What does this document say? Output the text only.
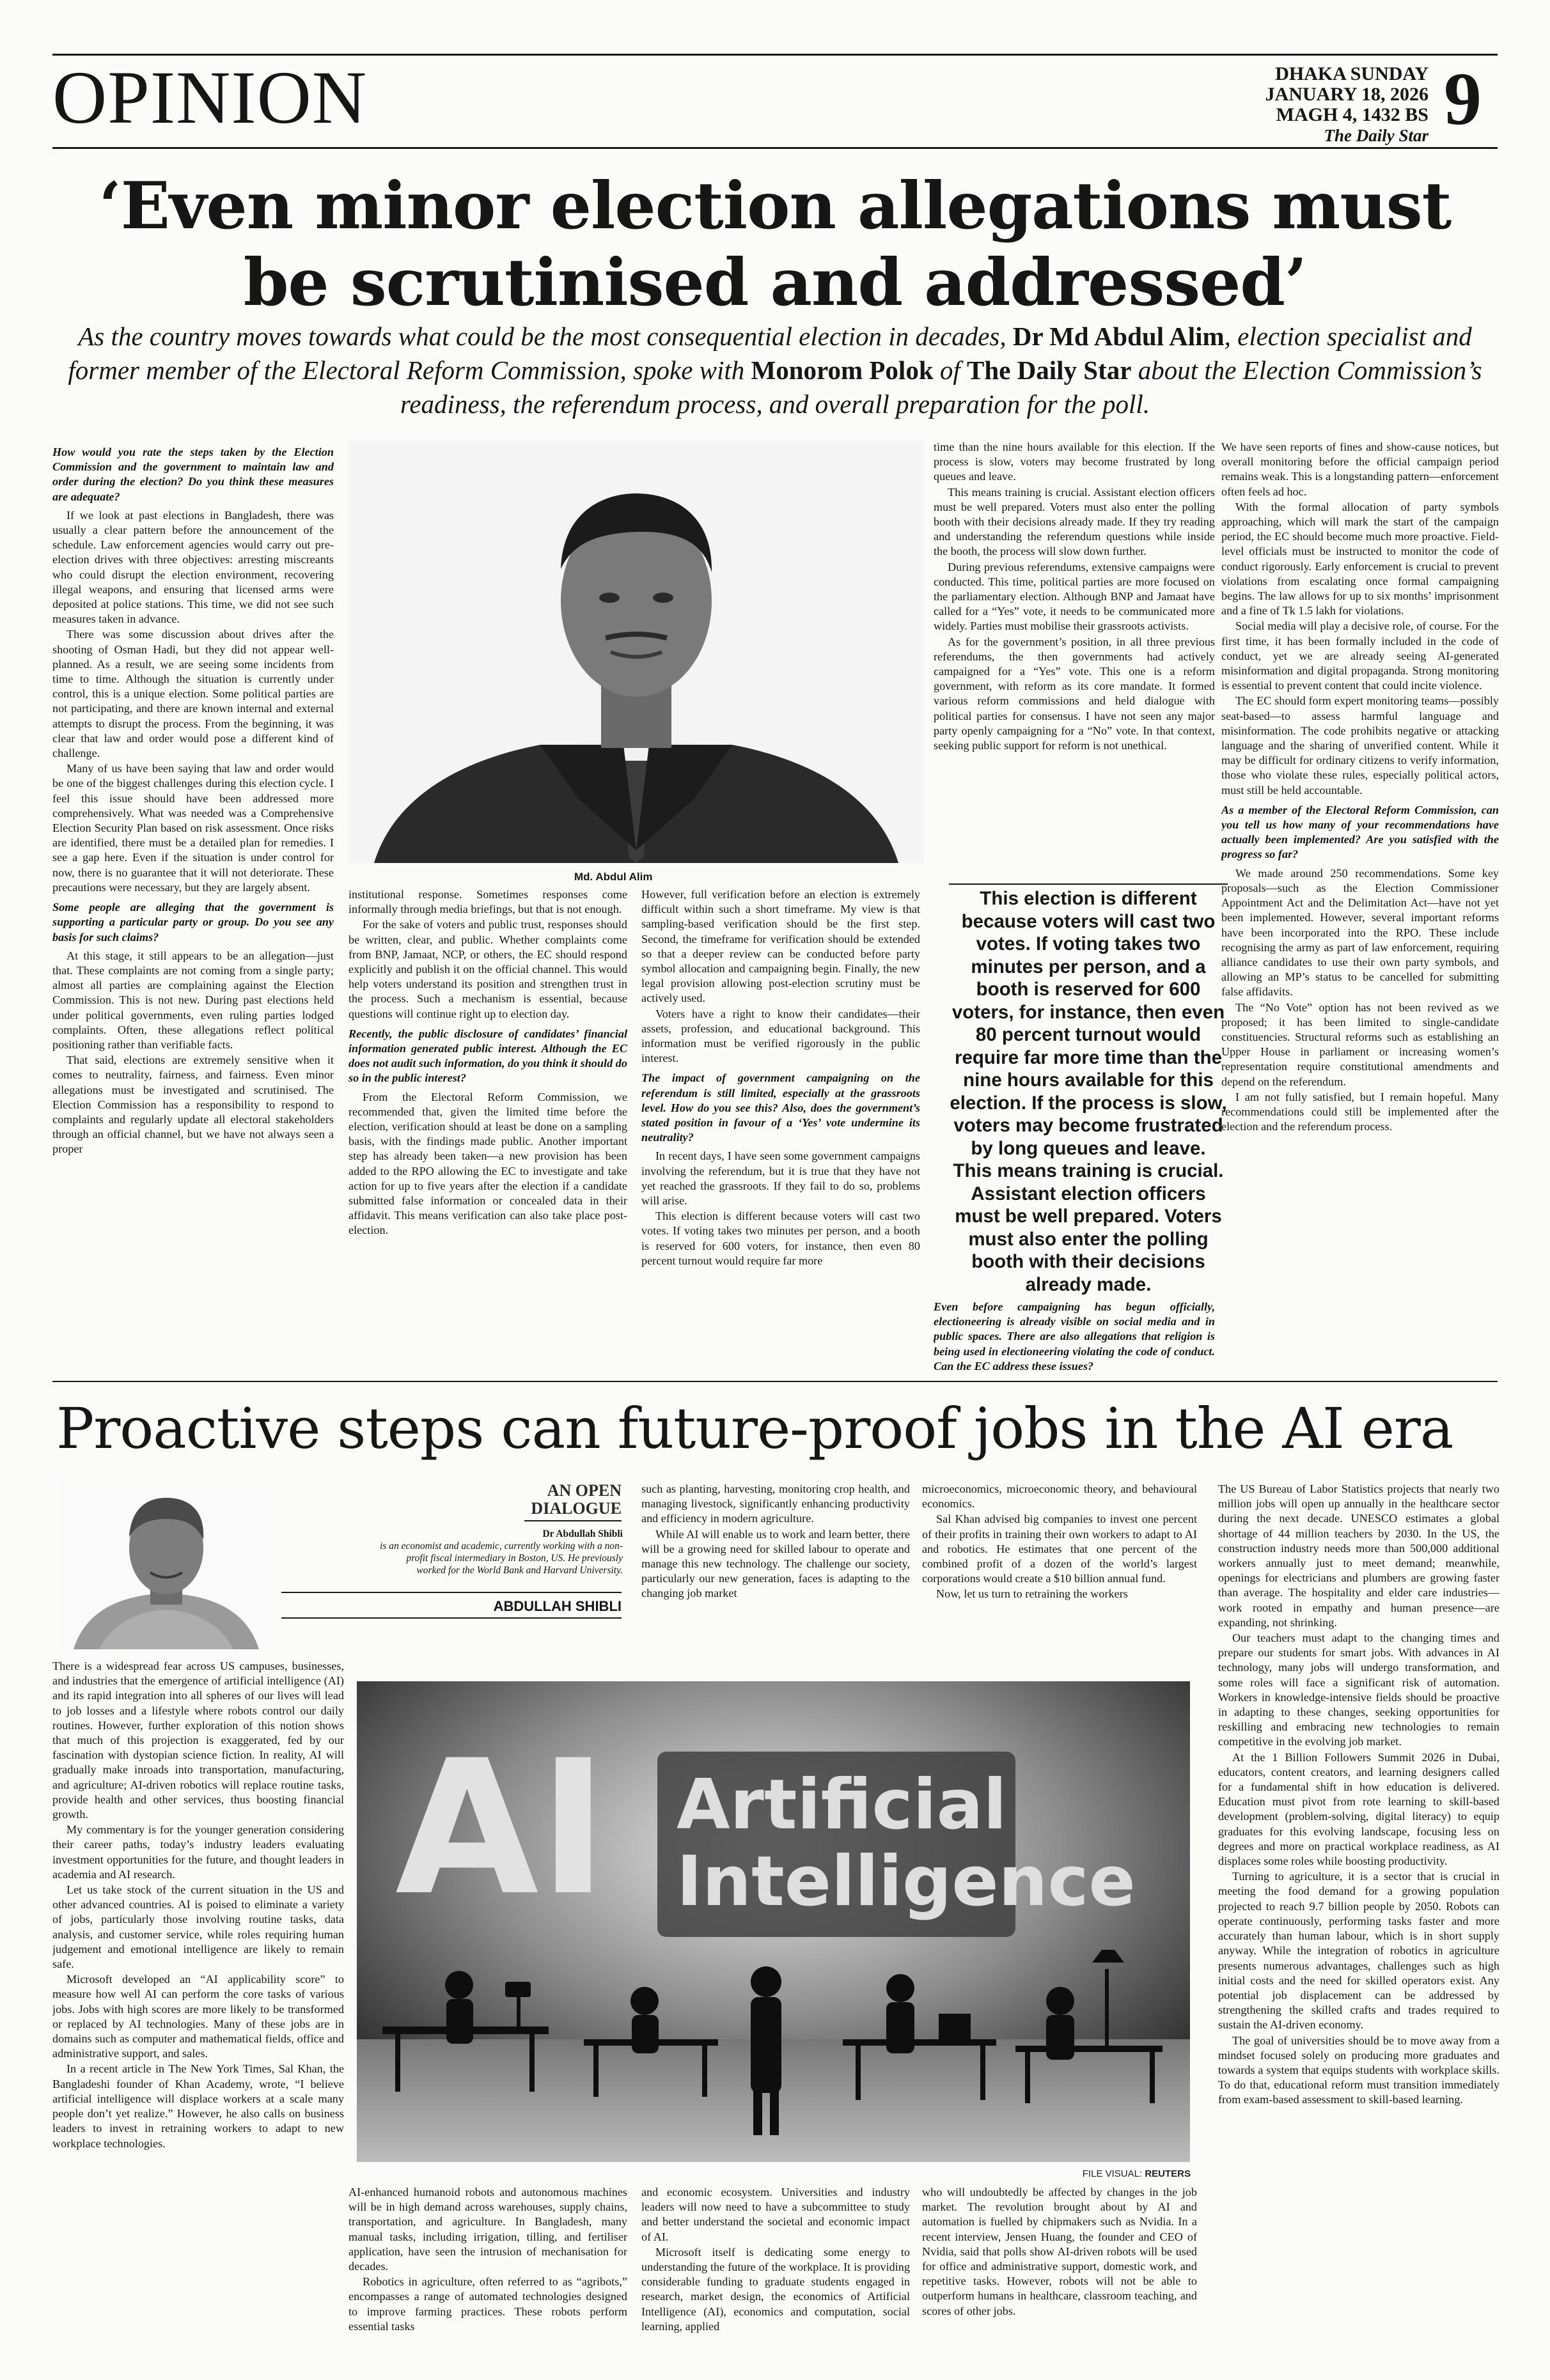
OPINION	DHAKA SUNDAY JANUARY 18, 2026
MAGH 4, 1432 BS
The Daily Star 9
‘Even minor election allegations must be scrutinised and addressed’
As the country moves towards what could be the most consequential election in decades, Dr Md Abdul Alim, election specialist and former member of the Electoral Reform Commission, spoke with Monorom Polok of The Daily Star about the Election Commission’s readiness, the referendum process, and overall preparation for the poll.

How would you rate the steps taken by the Election Commission and the government to maintain law and order during the election? Do you think these measures are adequate?

If we look at past elections in Bangladesh, there was usually a clear pattern before the announcement of the schedule. Law enforcement agencies would carry out pre-election drives with three objectives: arresting miscreants who could disrupt the election environment, recovering illegal weapons, and ensuring that licensed arms were deposited at police stations. This time, we did not see such measures taken in advance.

There was some discussion about drives after the shooting of Osman Hadi, but they did not appear well-planned. As a result, we are seeing some incidents from time to time. Although the situation is currently under control, this is a unique election. Some political parties are not participating, and there are known internal and external attempts to disrupt the process. From the beginning, it was clear that law and order would pose a different kind of challenge.

Many of us have been saying that law and order would be one of the biggest challenges during this election cycle. I feel this issue should have been addressed more comprehensively. What was needed was a Comprehensive Election Security Plan based on risk assessment. Once risks are identified, there must be a detailed plan for remedies. I see a gap here. Even if the situation is under control for now, there is no guarantee that it will not deteriorate. These precautions were necessary, but they are largely absent.

Some people are alleging that the government is supporting a particular party or group. Do you see any basis for such claims?

At this stage, it still appears to be an allegation—just that. These complaints are not coming from a single party; almost all parties are complaining against the Election Commission. This is not new. During past elections held under political governments, even ruling parties lodged complaints. Often, these allegations reflect political positioning rather than verifiable facts.

That said, elections are extremely sensitive when it comes to neutrality, fairness, and fairness. Even minor allegations must be investigated and scrutinised. The Election Commission has a responsibility to respond to complaints and regularly update all electoral stakeholders through an official channel, but we have not always seen a proper

Md. Abdul Alim

institutional response. Sometimes responses come informally through media briefings, but that is not enough.

For the sake of voters and public trust, responses should be written, clear, and public. Whether complaints come from BNP, Jamaat, NCP, or others, the EC should respond explicitly and publish it on the official channel. This would help voters understand its position and strengthen trust in the process. Such a mechanism is essential, because questions will continue right up to election day.

Recently, the public disclosure of candidates’ financial information generated public interest. Although the EC does not audit such information, do you think it should do so in the public interest?

From the Electoral Reform Commission, we recommended that, given the limited time before the election, verification should at least be done on a sampling basis, with the findings made public. Another important step has already been taken—a new provision has been added to the RPO allowing the EC to investigate and take action for up to five years after the election if a candidate submitted false information or concealed data in their affidavit. This means verification can also take place post-election.

However, full verification before an election is extremely difficult within such a short timeframe. My view is that sampling-based verification should be the first step. Second, the timeframe for verification should be extended so that a deeper review can be conducted before party symbol allocation and campaigning begin. Finally, the new legal provision allowing post-election scrutiny must be actively used.

Voters have a right to know their candidates—their assets, profession, and educational background. This information must be verified rigorously in the public interest.

The impact of government campaigning on the referendum is still limited, especially at the grassroots level. How do you see this? Also, does the government’s stated position in favour of a ‘Yes’ vote undermine its neutrality?

In recent days, I have seen some government campaigns involving the referendum, but it is true that they have not yet reached the grassroots. If they fail to do so, problems will arise.

This election is different because voters will cast two votes. If voting takes two minutes per person, and a booth is reserved for 600 voters, for instance, then even 80 percent turnout would require far more

time than the nine hours available for this election. If the process is slow, voters may become frustrated by long queues and leave.

This means training is crucial. Assistant election officers must be well prepared. Voters must also enter the polling booth with their decisions already made. If they try reading and understanding the referendum questions while inside the booth, the process will slow down further.

During previous referendums, extensive campaigns were conducted. This time, political parties are more focused on the parliamentary election. Although BNP and Jamaat have called for a “Yes” vote, it needs to be communicated more widely. Parties must mobilise their grassroots activists.

As for the government’s position, in all three previous referendums, the then governments had actively campaigned for a “Yes” vote. This one is a reform government, with reform as its core mandate. It formed various reform commissions and held dialogue with political parties for consensus. I have not seen any major party openly campaigning for a “No” vote. In that context, seeking public support for reform is not unethical.

This election is different because voters will cast two votes. If voting takes two minutes per person, and a booth is reserved for 600 voters, for instance, then even 80 percent turnout would require far more time than the nine hours available for this election. If the process is slow, voters may become frustrated by long queues and leave. This means training is crucial. Assistant election officers must be well prepared. Voters must also enter the polling booth with their decisions already made.

Even before campaigning has begun officially, electioneering is already visible on social media and in public spaces. There are also allegations that religion is being used in electioneering violating the code of conduct. Can the EC address these issues?

We have seen reports of fines and show-cause notices, but overall monitoring before the official campaign period remains weak. This is a longstanding pattern—enforcement often feels ad hoc.

With the formal allocation of party symbols approaching, which will mark the start of the campaign period, the EC should become much more proactive. Field-level officials must be instructed to monitor the code of conduct rigorously. Early enforcement is crucial to prevent violations from escalating once formal campaigning begins. The law allows for up to six months’ imprisonment and a fine of Tk 1.5 lakh for violations.

Social media will play a decisive role, of course. For the first time, it has been formally included in the code of conduct, yet we are already seeing AI-generated misinformation and digital propaganda. Strong monitoring is essential to prevent content that could incite violence.

The EC should form expert monitoring teams—possibly seat-based—to assess harmful language and misinformation. The code prohibits negative or attacking language and the sharing of unverified content. While it may be difficult for ordinary citizens to verify information, those who violate these rules, especially political actors, must still be held accountable.

As a member of the Electoral Reform Commission, can you tell us how many of your recommendations have actually been implemented? Are you satisfied with the progress so far?

We made around 250 recommendations. Some key proposals—such as the Election Commissioner Appointment Act and the Delimitation Act—have not yet been implemented. However, several important reforms have been incorporated into the RPO. These include recognising the army as part of law enforcement, requiring alliance candidates to use their own party symbols, and allowing an MP’s status to be cancelled for submitting false affidavits.

The “No Vote” option has not been revived as we proposed; it has been limited to single-candidate constituencies. Structural reforms such as establishing an Upper House in parliament or increasing women’s representation require constitutional amendments and depend on the referendum.

I am not fully satisfied, but I remain hopeful. Many recommendations could still be implemented after the election and the referendum process.

Proactive steps can future-proof jobs in the AI era
AN OPEN
DIALOGUE
Dr Abdullah Shibli
is an economist and academic, currently working with a non-profit fiscal intermediary in Boston, US. He previously worked for the World Bank and Harvard University.
ABDULLAH SHIBLI

There is a widespread fear across US campuses, businesses, and industries that the emergence of artificial intelligence (AI) and its rapid integration into all spheres of our lives will lead to job losses and a lifestyle where robots control our daily routines. However, further exploration of this notion shows that much of this projection is exaggerated, fed by our fascination with dystopian science fiction. In reality, AI will gradually make inroads into transportation, manufacturing, and agriculture; AI-driven robotics will replace routine tasks, provide health and other services, thus boosting financial growth.

My commentary is for the younger generation considering their career paths, today’s industry leaders evaluating investment opportunities for the future, and thought leaders in academia and AI research.

Let us take stock of the current situation in the US and other advanced countries. AI is poised to eliminate a variety of jobs, particularly those involving routine tasks, data analysis, and customer service, while roles requiring human judgement and emotional intelligence are likely to remain safe.

Microsoft developed an “AI applicability score” to measure how well AI can perform the core tasks of various jobs. Jobs with high scores are more likely to be transformed or replaced by AI technologies. Many of these jobs are in domains such as computer and mathematical fields, office and administrative support, and sales.

In a recent article in The New York Times, Sal Khan, the Bangladeshi founder of Khan Academy, wrote, “I believe artificial intelligence will displace workers at a scale many people don’t yet realize.” However, he also calls on business leaders to invest in retraining workers to adapt to new workplace technologies.

such as planting, harvesting, monitoring crop health, and managing livestock, significantly enhancing productivity and efficiency in modern agriculture.

While AI will enable us to work and learn better, there will be a growing need for skilled labour to operate and manage this new technology. The challenge our society, particularly our new generation, faces is adapting to the changing job market

microeconomics, microeconomic theory, and behavioural economics.

Sal Khan advised big companies to invest one percent of their profits in training their own workers to adapt to AI and robotics. He estimates that one percent of the combined profit of a dozen of the world’s largest corporations would create a $10 billion annual fund.

Now, let us turn to retraining the workers

AI Artificial
Intelligence
FILE VISUAL: REUTERS

AI-enhanced humanoid robots and autonomous machines will be in high demand across warehouses, supply chains, transportation, and agriculture. In Bangladesh, many manual tasks, including irrigation, tilling, and fertiliser application, have seen the intrusion of mechanisation for decades.

Robotics in agriculture, often referred to as “agribots,” encompasses a range of automated technologies designed to improve farming practices. These robots perform essential tasks

and economic ecosystem. Universities and industry leaders will now need to have a subcommittee to study and better understand the societal and economic impact of AI.

Microsoft itself is dedicating some energy to understanding the future of the workplace. It is providing considerable funding to graduate students engaged in research, market design, the economics of Artificial Intelligence (AI), economics and computation, social learning, applied

who will undoubtedly be affected by changes in the job market. The revolution brought about by AI and automation is fuelled by chipmakers such as Nvidia. In a recent interview, Jensen Huang, the founder and CEO of Nvidia, said that polls show AI-driven robots will be used for office and administrative support, domestic work, and repetitive tasks. However, robots will not be able to outperform humans in healthcare, classroom teaching, and scores of other jobs.

The US Bureau of Labor Statistics projects that nearly two million jobs will open up annually in the healthcare sector during the next decade. UNESCO estimates a global shortage of 44 million teachers by 2030. In the US, the construction industry needs more than 500,000 additional workers annually just to meet demand; meanwhile, openings for electricians and plumbers are growing faster than average. The hospitality and elder care industries—work rooted in empathy and human presence—are expanding, not shrinking.

Our teachers must adapt to the changing times and prepare our students for smart jobs. With advances in AI technology, many jobs will undergo transformation, and some roles will face a significant risk of automation. Workers in knowledge-intensive fields should be proactive in adapting to these changes, seeking opportunities for reskilling and embracing new technologies to remain competitive in the evolving job market.

At the 1 Billion Followers Summit 2026 in Dubai, educators, content creators, and learning designers called for a fundamental shift in how education is delivered. Education must pivot from rote learning to skill-based development (problem-solving, digital literacy) to equip graduates for this evolving landscape, focusing less on degrees and more on practical workplace readiness, as AI displaces some roles while boosting productivity.

Turning to agriculture, it is a sector that is crucial in meeting the food demand for a growing population projected to reach 9.7 billion people by 2050. Robots can operate continuously, performing tasks faster and more accurately than human labour, which is in short supply anyway. While the integration of robotics in agriculture presents numerous advantages, challenges such as high initial costs and the need for skilled operators exist. Any potential job displacement can be addressed by strengthening the skilled crafts and trades required to sustain the AI-driven economy.

The goal of universities should be to move away from a mindset focused solely on producing more graduates and towards a system that equips students with workplace skills. To do that, educational reform must transition immediately from exam-based assessment to skill-based learning.
